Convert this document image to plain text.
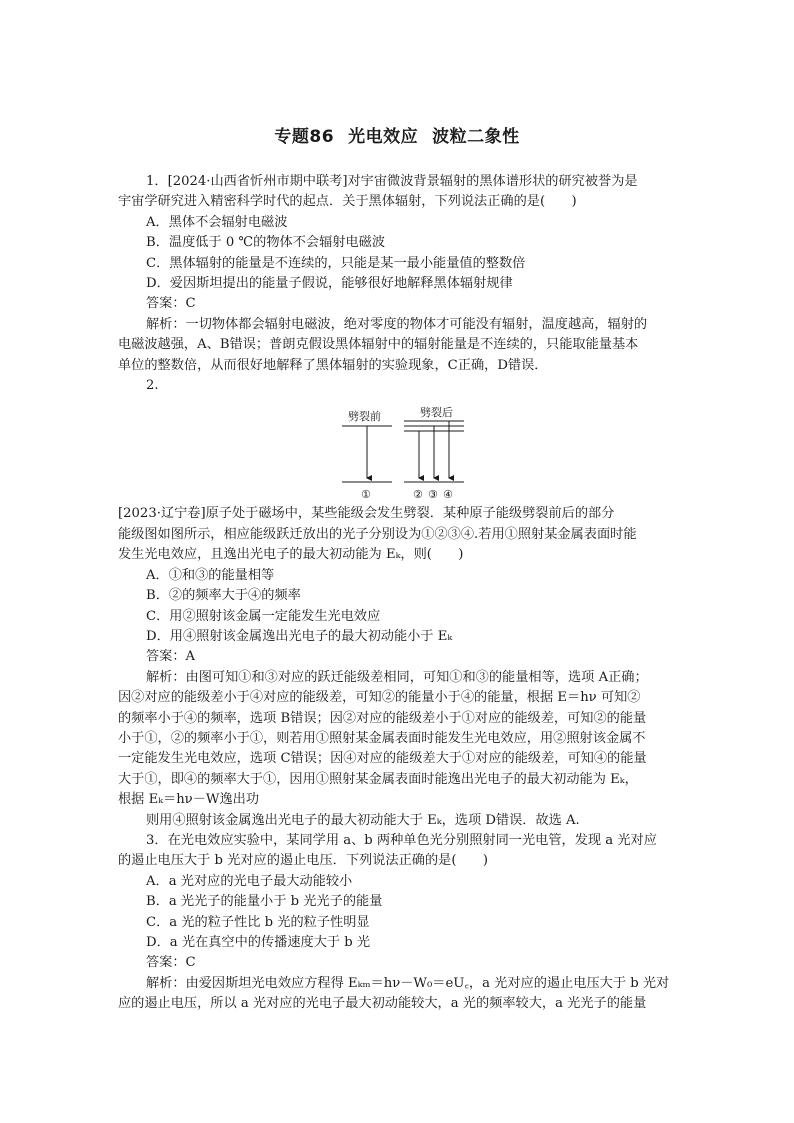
专题86 光电效应 波粒二象性

1．[2024·山西省忻州市期中联考]对宇宙微波背景辐射的黑体谱形状的研究被誉为是

宇宙学研究进入精密科学时代的起点．关于黑体辐射，下列说法正确的是(　　)

A．黑体不会辐射电磁波

B．温度低于 0 ℃的物体不会辐射电磁波

C．黑体辐射的能量是不连续的，只能是某一最小能量值的整数倍

D．爱因斯坦提出的能量子假说，能够很好地解释黑体辐射规律

答案：C

解析：一切物体都会辐射电磁波，绝对零度的物体才可能没有辐射，温度越高，辐射的

电磁波越强，A、B错误；普朗克假设黑体辐射中的辐射能量是不连续的，只能取能量基本

单位的整数倍，从而很好地解释了黑体辐射的实验现象，C正确，D错误．

2.

劈裂前	劈裂后
①	② ③ ④

[2023·辽宁卷]原子处于磁场中，某些能级会发生劈裂．某种原子能级劈裂前后的部分

能级图如图所示，相应能级跃迁放出的光子分别设为①②③④.若用①照射某金属表面时能

发生光电效应，且逸出光电子的最大初动能为 Eₖ，则(　　)

A．①和③的能量相等

B．②的频率大于④的频率

C．用②照射该金属一定能发生光电效应

D．用④照射该金属逸出光电子的最大初动能小于 Eₖ

答案：A

解析：由图可知①和③对应的跃迁能级差相同，可知①和③的能量相等，选项 A正确；

因②对应的能级差小于④对应的能级差，可知②的能量小于④的能量，根据 E＝hν 可知②

的频率小于④的频率，选项 B错误；因②对应的能级差小于①对应的能级差，可知②的能量

小于①，②的频率小于①，则若用①照射某金属表面时能发生光电效应，用②照射该金属不

一定能发生光电效应，选项 C错误；因④对应的能级差大于①对应的能级差，可知④的能量

大于①，即④的频率大于①，因用①照射某金属表面时能逸出光电子的最大初动能为 Eₖ，

根据 Eₖ＝hν－W逸出功

则用④照射该金属逸出光电子的最大初动能大于 Eₖ，选项 D错误．故选 A.

3．在光电效应实验中，某同学用 a、b 两种单色光分别照射同一光电管，发现 a 光对应

的遏止电压大于 b 光对应的遏止电压．下列说法正确的是(　　)

A．a 光对应的光电子最大动能较小

B．a 光光子的能量小于 b 光光子的能量

C．a 光的粒子性比 b 光的粒子性明显

D．a 光在真空中的传播速度大于 b 光

答案：C

解析：由爱因斯坦光电效应方程得 Eₖₘ＝hν－W₀＝eU꜀，a 光对应的遏止电压大于 b 光对

应的遏止电压，所以 a 光对应的光电子最大初动能较大，a 光的频率较大，a 光光子的能量
